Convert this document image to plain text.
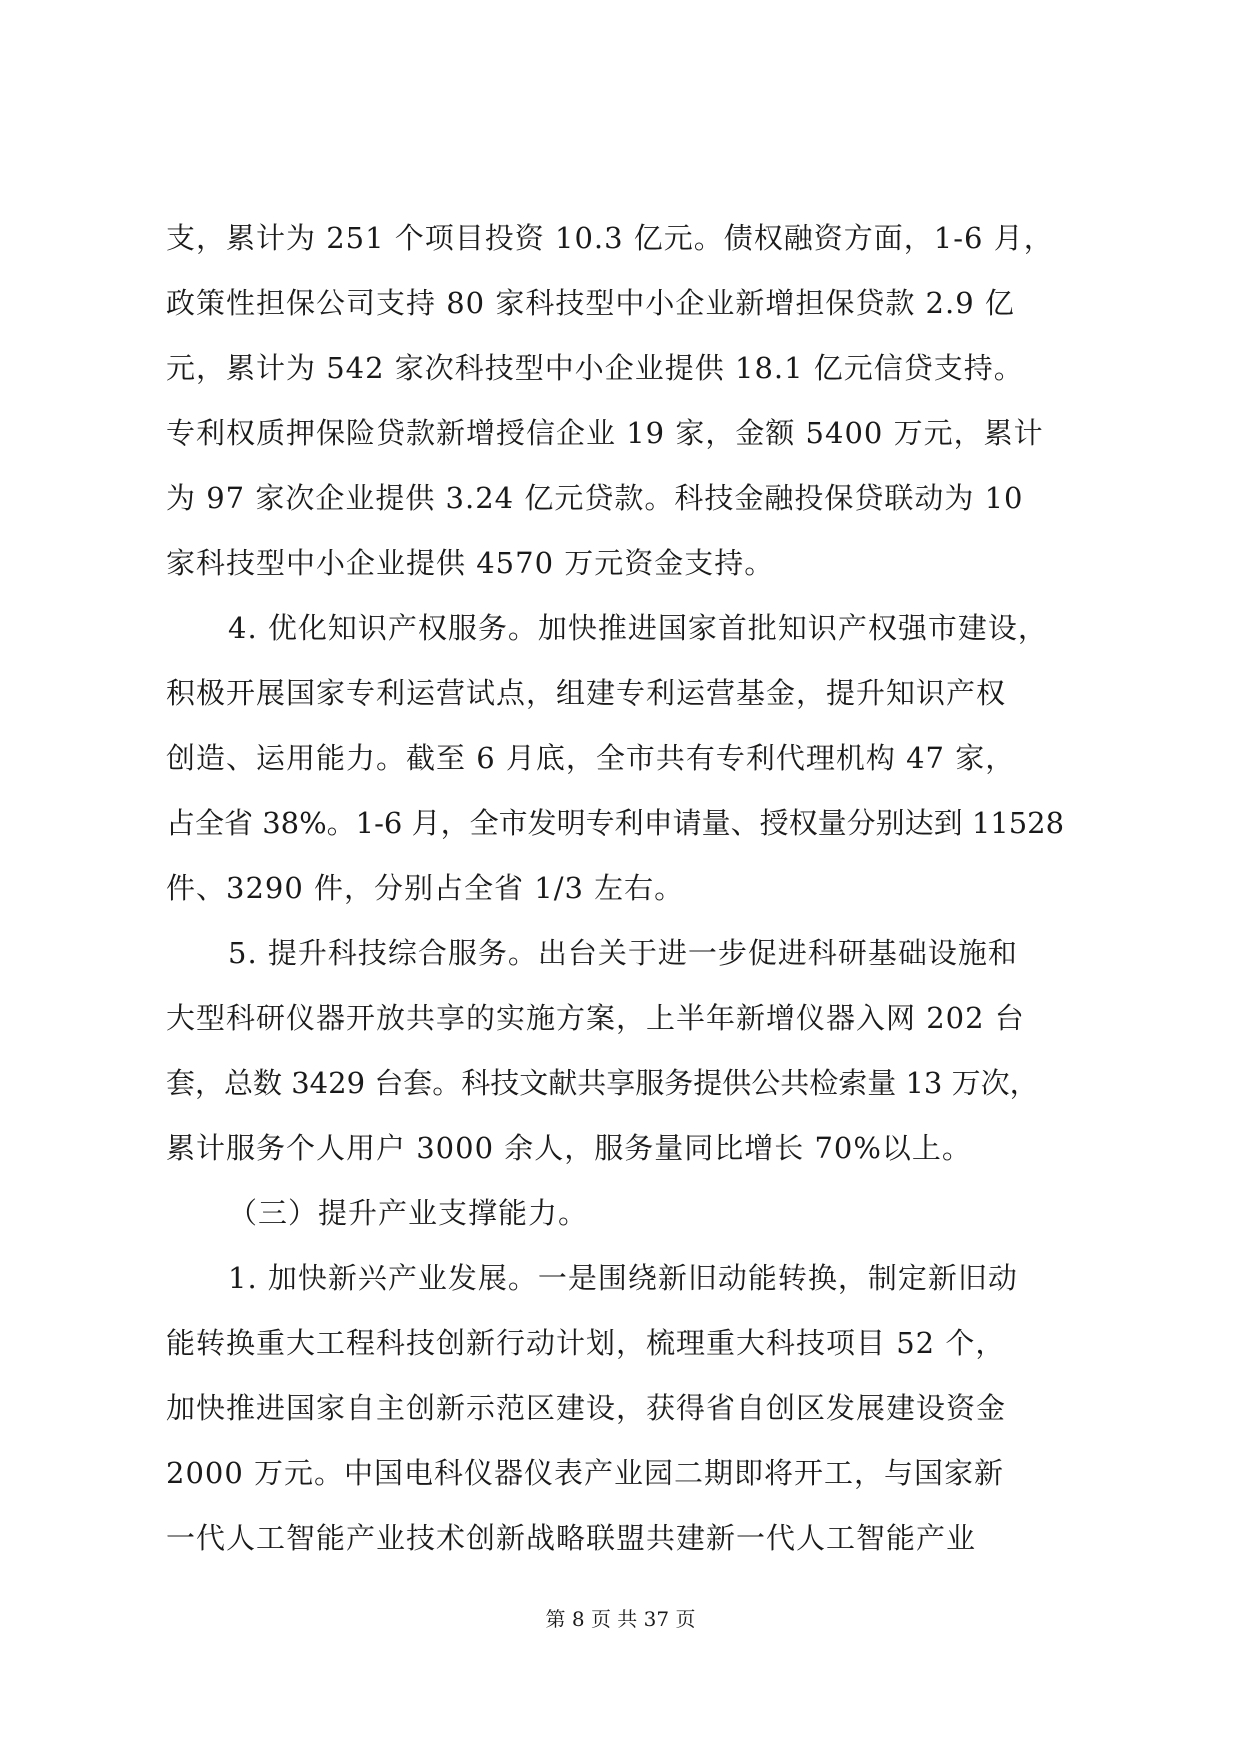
支，累计为 251 个项目投资 10.3 亿元。债权融资方面，1-6 月，
政策性担保公司支持 80 家科技型中小企业新增担保贷款 2.9 亿
元，累计为 542 家次科技型中小企业提供 18.1 亿元信贷支持。
专利权质押保险贷款新增授信企业 19 家，金额 5400 万元，累计
为 97 家次企业提供 3.24 亿元贷款。科技金融投保贷联动为 10
家科技型中小企业提供 4570 万元资金支持。
4. 优化知识产权服务。加快推进国家首批知识产权强市建设，
积极开展国家专利运营试点，组建专利运营基金，提升知识产权
创造、运用能力。截至 6 月底，全市共有专利代理机构 47 家，
占全省 38%。1-6 月，全市发明专利申请量、授权量分别达到 11528
件、3290 件，分别占全省 1/3 左右。
5. 提升科技综合服务。出台关于进一步促进科研基础设施和
大型科研仪器开放共享的实施方案，上半年新增仪器入网 202 台
套，总数 3429 台套。科技文献共享服务提供公共检索量 13 万次，
累计服务个人用户 3000 余人，服务量同比增长 70%以上。
（三）提升产业支撑能力。
1. 加快新兴产业发展。一是围绕新旧动能转换，制定新旧动
能转换重大工程科技创新行动计划，梳理重大科技项目 52 个，
加快推进国家自主创新示范区建设，获得省自创区发展建设资金
2000 万元。中国电科仪器仪表产业园二期即将开工，与国家新
一代人工智能产业技术创新战略联盟共建新一代人工智能产业
第 8 页 共 37 页
